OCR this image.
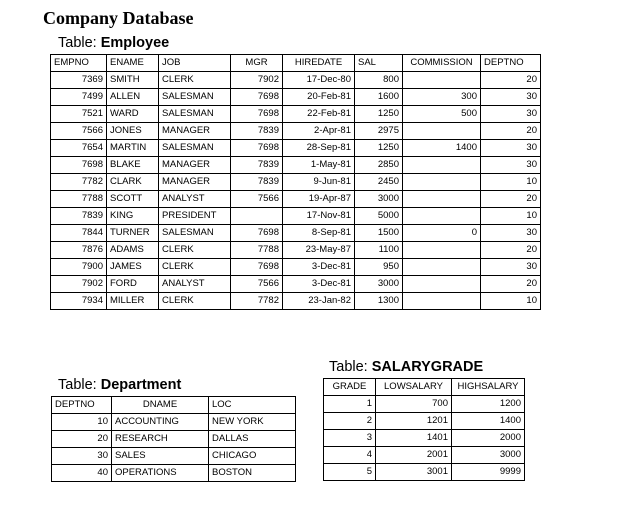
Company Database
Table: Employee
EMPNO	ENAME	JOB	MGR	HIREDATE	SAL	COMMISSION	DEPTNO
7369	SMITH	CLERK	7902	17-Dec-80	800		20
7499	ALLEN	SALESMAN	7698	20-Feb-81	1600	300	30
7521	WARD	SALESMAN	7698	22-Feb-81	1250	500	30
7566	JONES	MANAGER	7839	2-Apr-81	2975		20
7654	MARTIN	SALESMAN	7698	28-Sep-81	1250	1400	30
7698	BLAKE	MANAGER	7839	1-May-81	2850		30
7782	CLARK	MANAGER	7839	9-Jun-81	2450		10
7788	SCOTT	ANALYST	7566	19-Apr-87	3000		20
7839	KING	PRESIDENT		17-Nov-81	5000		10
7844	TURNER	SALESMAN	7698	8-Sep-81	1500	0	30
7876	ADAMS	CLERK	7788	23-May-87	1100		20
7900	JAMES	CLERK	7698	3-Dec-81	950		30
7902	FORD	ANALYST	7566	3-Dec-81	3000		20
7934	MILLER	CLERK	7782	23-Jan-82	1300		10
Table: Department
DEPTNO	DNAME	LOC
10	ACCOUNTING	NEW YORK
20	RESEARCH	DALLAS
30	SALES	CHICAGO
40	OPERATIONS	BOSTON
Table: SALARYGRADE
GRADE	LOWSALARY	HIGHSALARY
1	700	1200
2	1201	1400
3	1401	2000
4	2001	3000
5	3001	9999
